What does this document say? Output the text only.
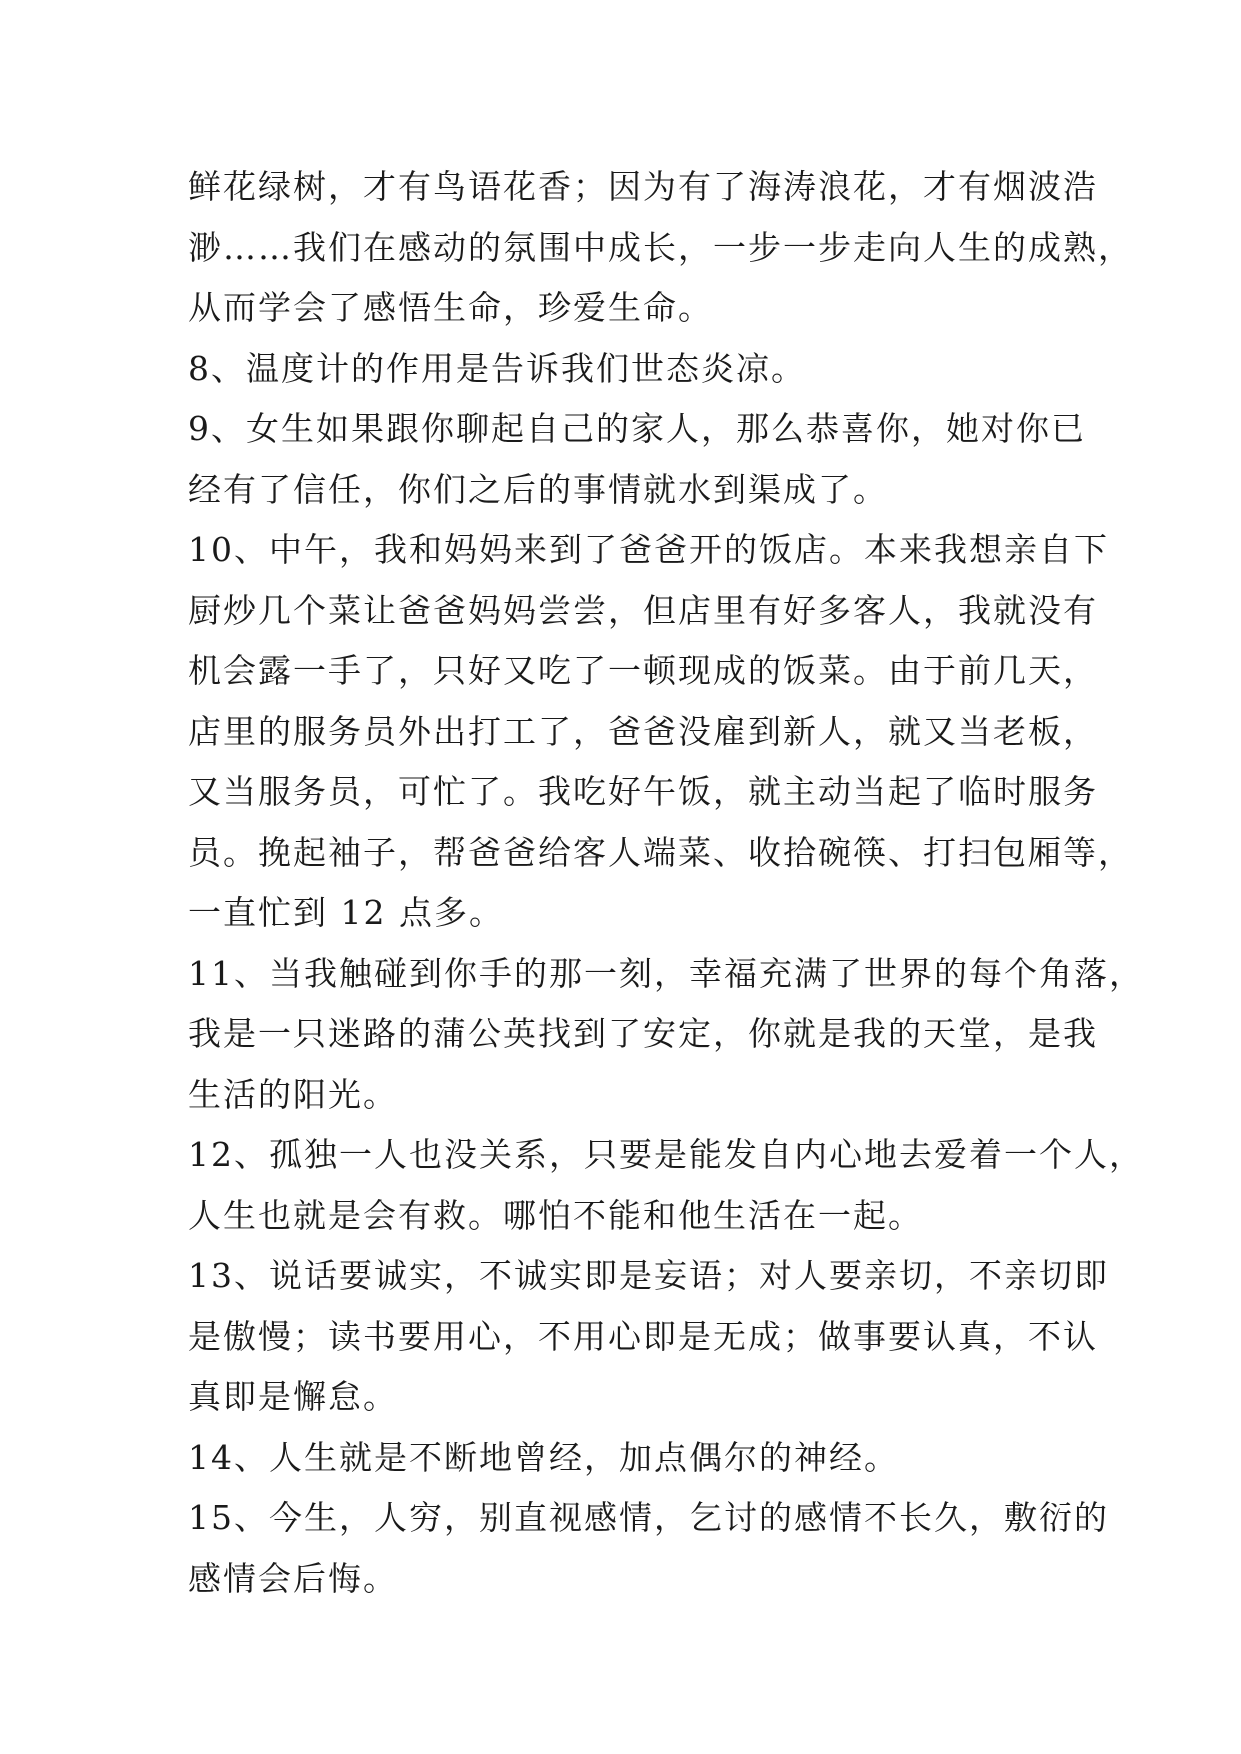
鲜花绿树，才有鸟语花香；因为有了海涛浪花，才有烟波浩
渺……我们在感动的氛围中成长，一步一步走向人生的成熟，
从而学会了感悟生命，珍爱生命。
8、温度计的作用是告诉我们世态炎凉。
9、女生如果跟你聊起自己的家人，那么恭喜你，她对你已
经有了信任，你们之后的事情就水到渠成了。
10、中午，我和妈妈来到了爸爸开的饭店。本来我想亲自下
厨炒几个菜让爸爸妈妈尝尝，但店里有好多客人，我就没有
机会露一手了，只好又吃了一顿现成的饭菜。由于前几天，
店里的服务员外出打工了，爸爸没雇到新人，就又当老板，
又当服务员，可忙了。我吃好午饭，就主动当起了临时服务
员。挽起袖子，帮爸爸给客人端菜、收拾碗筷、打扫包厢等，
一直忙到 12 点多。
11、当我触碰到你手的那一刻，幸福充满了世界的每个角落，
我是一只迷路的蒲公英找到了安定，你就是我的天堂，是我
生活的阳光。
12、孤独一人也没关系，只要是能发自内心地去爱着一个人，
人生也就是会有救。哪怕不能和他生活在一起。
13、说话要诚实，不诚实即是妄语；对人要亲切，不亲切即
是傲慢；读书要用心，不用心即是无成；做事要认真，不认
真即是懈怠。
14、人生就是不断地曾经，加点偶尔的神经。
15、今生，人穷，别直视感情，乞讨的感情不长久，敷衍的
感情会后悔。
